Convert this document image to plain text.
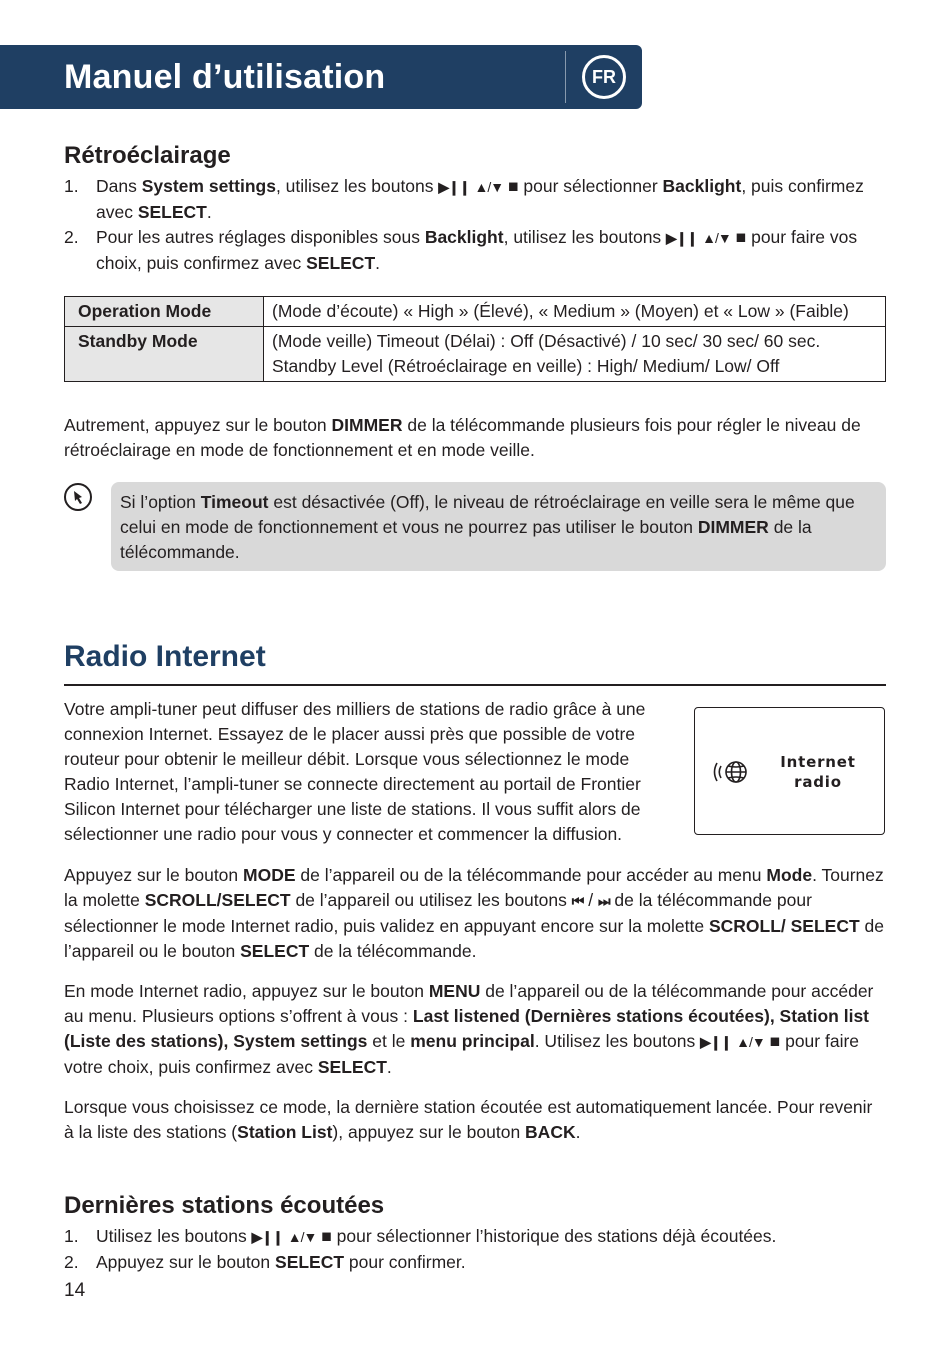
Manuel d’utilisation	FR
Rétroéclairage
1. Dans System settings, utilisez les boutons ▶❙❙ ▲/▼ ■ pour sélectionner Backlight, puis confirmez avec SELECT.
2. Pour les autres réglages disponibles sous Backlight, utilisez les boutons ▶❙❙ ▲/▼ ■ pour faire vos choix, puis confirmez avec SELECT.
Operation Mode	(Mode d’écoute) « High » (Élevé), « Medium » (Moyen) et « Low » (Faible)
Standby Mode	(Mode veille) Timeout (Délai) : Off (Désactivé) / 10 sec/ 30 sec/ 60 sec.
Standby Level (Rétroéclairage en veille) : High/ Medium/ Low/ Off
Autrement, appuyez sur le bouton DIMMER de la télécommande plusieurs fois pour régler le niveau de rétroéclairage en mode de fonctionnement et en mode veille.
Si l’option Timeout est désactivée (Off), le niveau de rétroéclairage en veille sera le même que celui en mode de fonctionnement et vous ne pourrez pas utiliser le bouton DIMMER de la télécommande.
Radio Internet
Votre ampli-tuner peut diffuser des milliers de stations de radio grâce à une connexion Internet. Essayez de le placer aussi près que possible de votre routeur pour obtenir le meilleur débit. Lorsque vous sélectionnez le mode Radio Internet, l’ampli-tuner se connecte directement au portail de Frontier Silicon Internet pour télécharger une liste de stations. Il vous suffit alors de sélectionner une radio pour vous y connecter et commencer la diffusion.
Internet
radio
Appuyez sur le bouton MODE de l’appareil ou de la télécommande pour accéder au menu Mode. Tournez la molette SCROLL/SELECT de l’appareil ou utilisez les boutons ⏮ / ⏭ de la télécommande pour sélectionner le mode Internet radio, puis validez en appuyant encore sur la molette SCROLL/ SELECT de l’appareil ou le bouton SELECT de la télécommande.
En mode Internet radio, appuyez sur le bouton MENU de l’appareil ou de la télécommande pour accéder au menu. Plusieurs options s’offrent à vous : Last listened (Dernières stations écoutées), Station list (Liste des stations), System settings et le menu principal. Utilisez les boutons ▶❙❙ ▲/▼ ■ pour faire votre choix, puis confirmez avec SELECT.
Lorsque vous choisissez ce mode, la dernière station écoutée est automatiquement lancée. Pour revenir à la liste des stations (Station List), appuyez sur le bouton BACK.
Dernières stations écoutées
1. Utilisez les boutons ▶❙❙ ▲/▼ ■ pour sélectionner l’historique des stations déjà écoutées.
2. Appuyez sur le bouton SELECT pour confirmer.
14
